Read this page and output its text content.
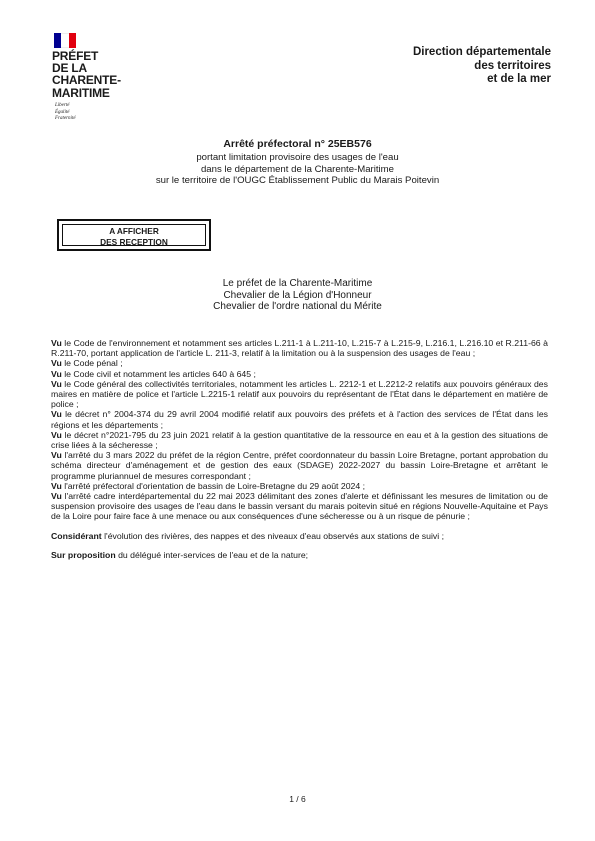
PRÉFET
DE LA
CHARENTE-
MARITIME
Liberté
Égalité
Fraternité
Direction départementale
des territoires
et de la mer
Arrêté préfectoral n° 25EB576
portant limitation provisoire des usages de l'eau
dans le département de la Charente-Maritime
sur le territoire de l'OUGC Établissement Public du Marais Poitevin
A AFFICHER
DES RECEPTION
Le préfet de la Charente-Maritime
Chevalier de la Légion d'Honneur
Chevalier de l'ordre national du Mérite

Vu le Code de l'environnement et notamment ses articles L.211-1 à L.211-10, L.215-7 à L.215-9, L.216.1, L.216.10 et R.211-66 à R.211-70, portant application de l'article L. 211-3, relatif à la limitation ou à la suspension des usages de l'eau ;

Vu le Code pénal ;

Vu le Code civil et notamment les articles 640 à 645 ;

Vu le Code général des collectivités territoriales, notamment les articles L. 2212-1 et L.2212-2 relatifs aux pouvoirs généraux des maires en matière de police et l'article L.2215-1 relatif aux pouvoirs du représentant de l'État dans le département en matière de police ;

Vu le décret n° 2004-374 du 29 avril 2004 modifié relatif aux pouvoirs des préfets et à l'action des services de l'État dans les régions et les départements ;

Vu le décret n°2021-795 du 23 juin 2021 relatif à la gestion quantitative de la ressource en eau et à la gestion des situations de crise liées à la sécheresse ;

Vu l'arrêté du 3 mars 2022 du préfet de la région Centre, préfet coordonnateur du bassin Loire Bretagne, portant approbation du schéma directeur d'aménagement et de gestion des eaux (SDAGE) 2022-2027 du bassin Loire-Bretagne et arrêtant le programme pluriannuel de mesures correspondant ;

Vu l'arrêté préfectoral d'orientation de bassin de Loire-Bretagne du 29 août 2024 ;

Vu l'arrêté cadre interdépartemental du 22 mai 2023 délimitant des zones d'alerte et définissant les mesures de limitation ou de suspension provisoire des usages de l'eau dans le bassin versant du marais poitevin situé en régions Nouvelle-Aquitaine et Pays de la Loire pour faire face à une menace ou aux conséquences d'une sécheresse ou à un risque de pénurie ;

Considérant l'évolution des rivières, des nappes et des niveaux d'eau observés aux stations de suivi ;

Sur proposition du délégué inter-services de l'eau et de la nature;

1 / 6
